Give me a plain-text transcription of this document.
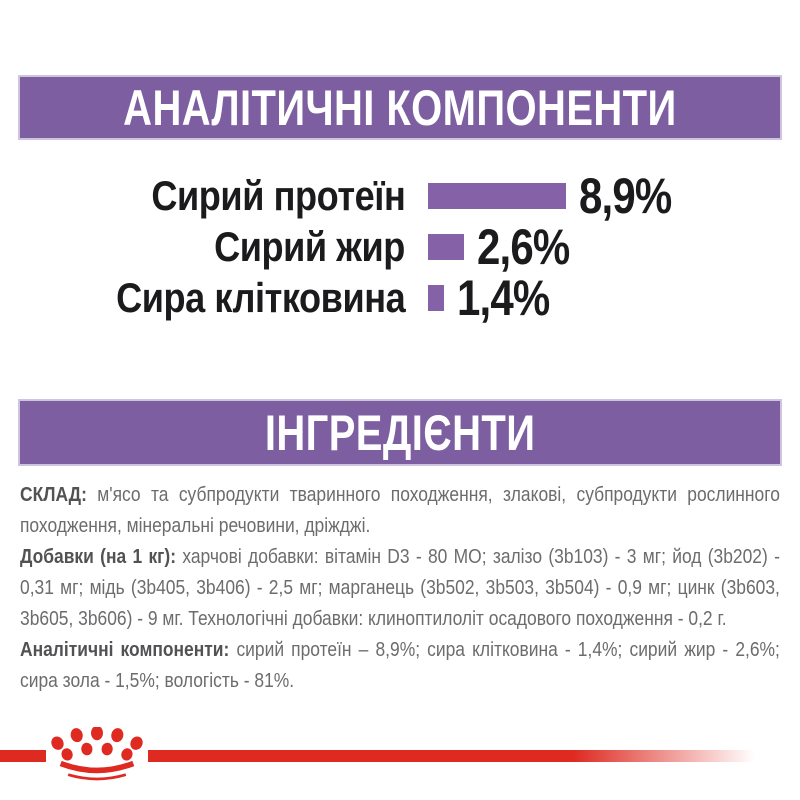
АНАЛІТИЧНІ КОМПОНЕНТИ
Сирий протеїн	8,9%
Сирий жир 2,6%
Сира клітковина 1,4%
ІНГРЕДІЄНТИ

СКЛАД: м'ясо та субпродукти тваринного походження, злакові, субпродукти рослинного походження, мінеральні речовини, дріжджі.

Добавки (на 1 кг): харчові добавки: вітамін D3 - 80 МО; залізо (3b103) - 3 мг; йод (3b202) - 0,31 мг; мідь (3b405, 3b406) - 2,5 мг; марганець (3b502, 3b503, 3b504) - 0,9 мг; цинк (3b603, 3b605, 3b606) - 9 мг. Технологічні добавки: клиноптилоліт осадового походження - 0,2 г.

Аналітичні компоненти: сирий протеїн – 8,9%; сира клітковина - 1,4%; сирий жир - 2,6%; сира зола - 1,5%; вологість - 81%.
